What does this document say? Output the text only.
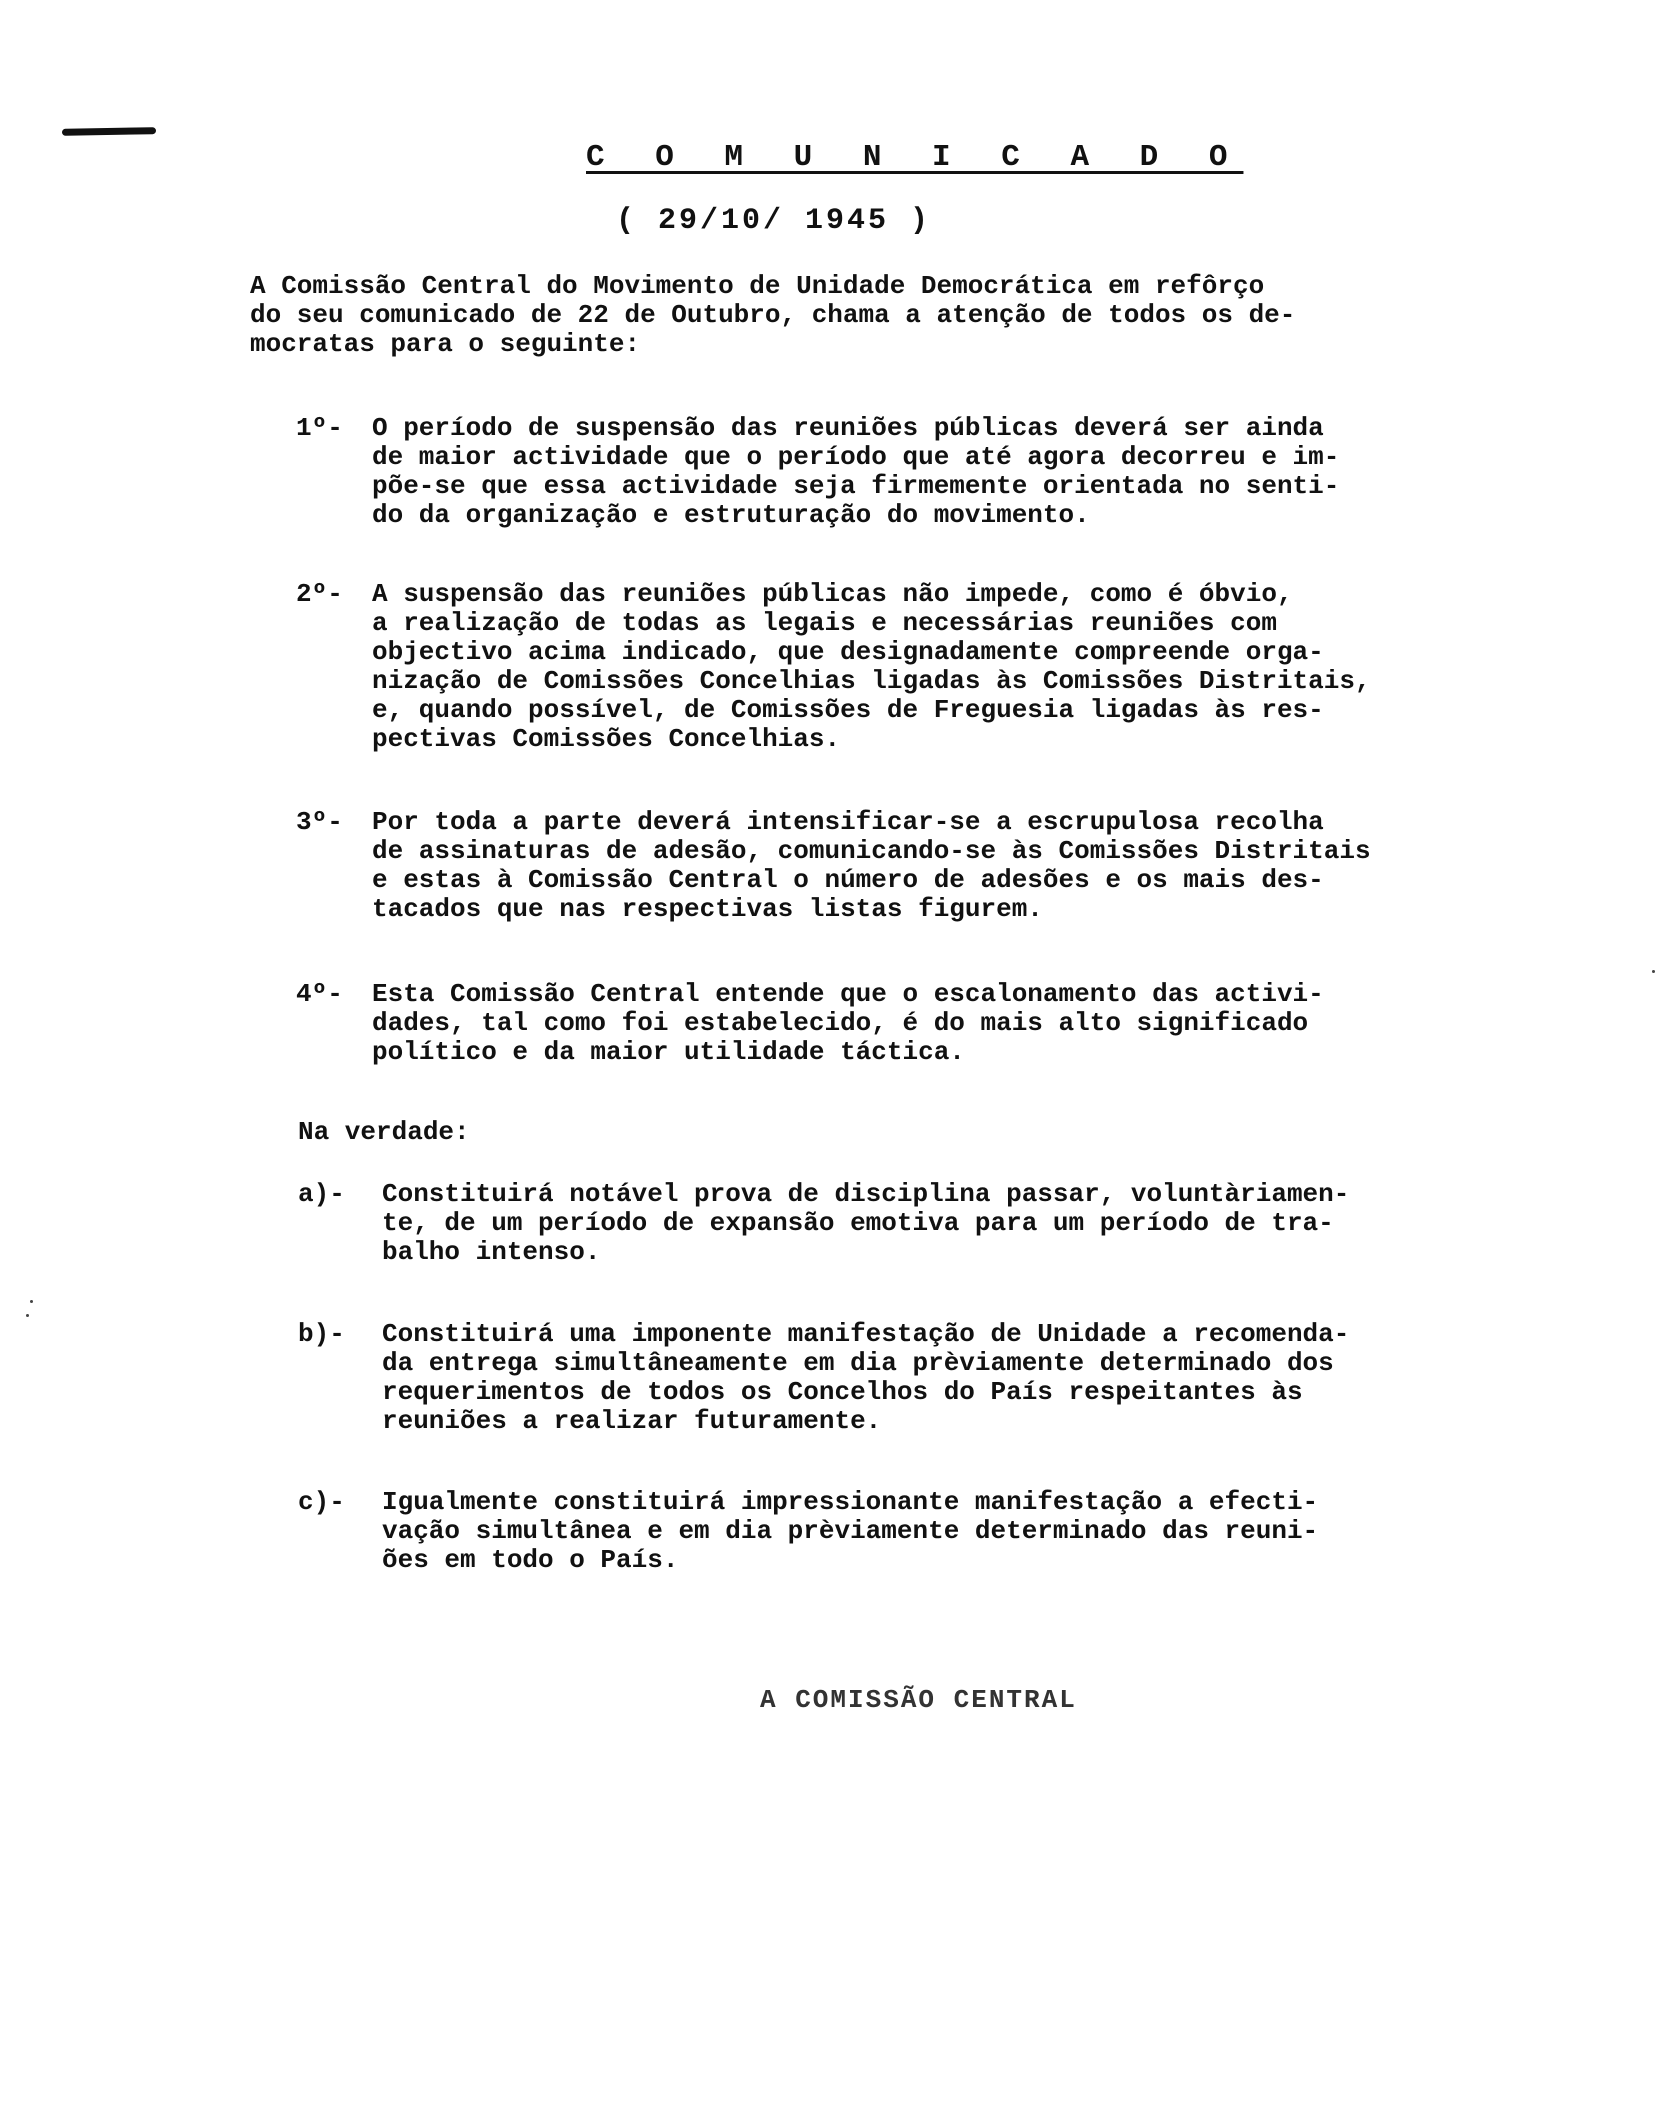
C O M U N I C A D O
( 29/10/ 1945 )
A Comissão Central do Movimento de Unidade Democrática em refôrço
do seu comunicado de 22 de Outubro, chama a atenção de todos os de-
mocratas para o seguinte:
1º- O período de suspensão das reuniões públicas deverá ser ainda
de maior actividade que o período que até agora decorreu e im-
põe-se que essa actividade seja firmemente orientada no senti-
do da organização e estruturação do movimento.
2º- A suspensão das reuniões públicas não impede, como é óbvio,
a realização de todas as legais e necessárias reuniões com
objectivo acima indicado, que designadamente compreende orga-
nização de Comissões Concelhias ligadas às Comissões Distritais,
e, quando possível, de Comissões de Freguesia ligadas às res-
pectivas Comissões Concelhias.
3º- Por toda a parte deverá intensificar-se a escrupulosa recolha
de assinaturas de adesão, comunicando-se às Comissões Distritais
e estas à Comissão Central o número de adesões e os mais des-
tacados que nas respectivas listas figurem.
4º- Esta Comissão Central entende que o escalonamento das activi-
dades, tal como foi estabelecido, é do mais alto significado
político e da maior utilidade táctica.
Na verdade:
a)- Constituirá notável prova de disciplina passar, voluntàriamen-
te, de um período de expansão emotiva para um período de tra-
balho intenso.
b)- Constituirá uma imponente manifestação de Unidade a recomenda-
da entrega simultâneamente em dia prèviamente determinado dos
requerimentos de todos os Concelhos do País respeitantes às
reuniões a realizar futuramente.
c)- Igualmente constituirá impressionante manifestação a efecti-
vação simultânea e em dia prèviamente determinado das reuni-
ões em todo o País.
A COMISSÃO CENTRAL
